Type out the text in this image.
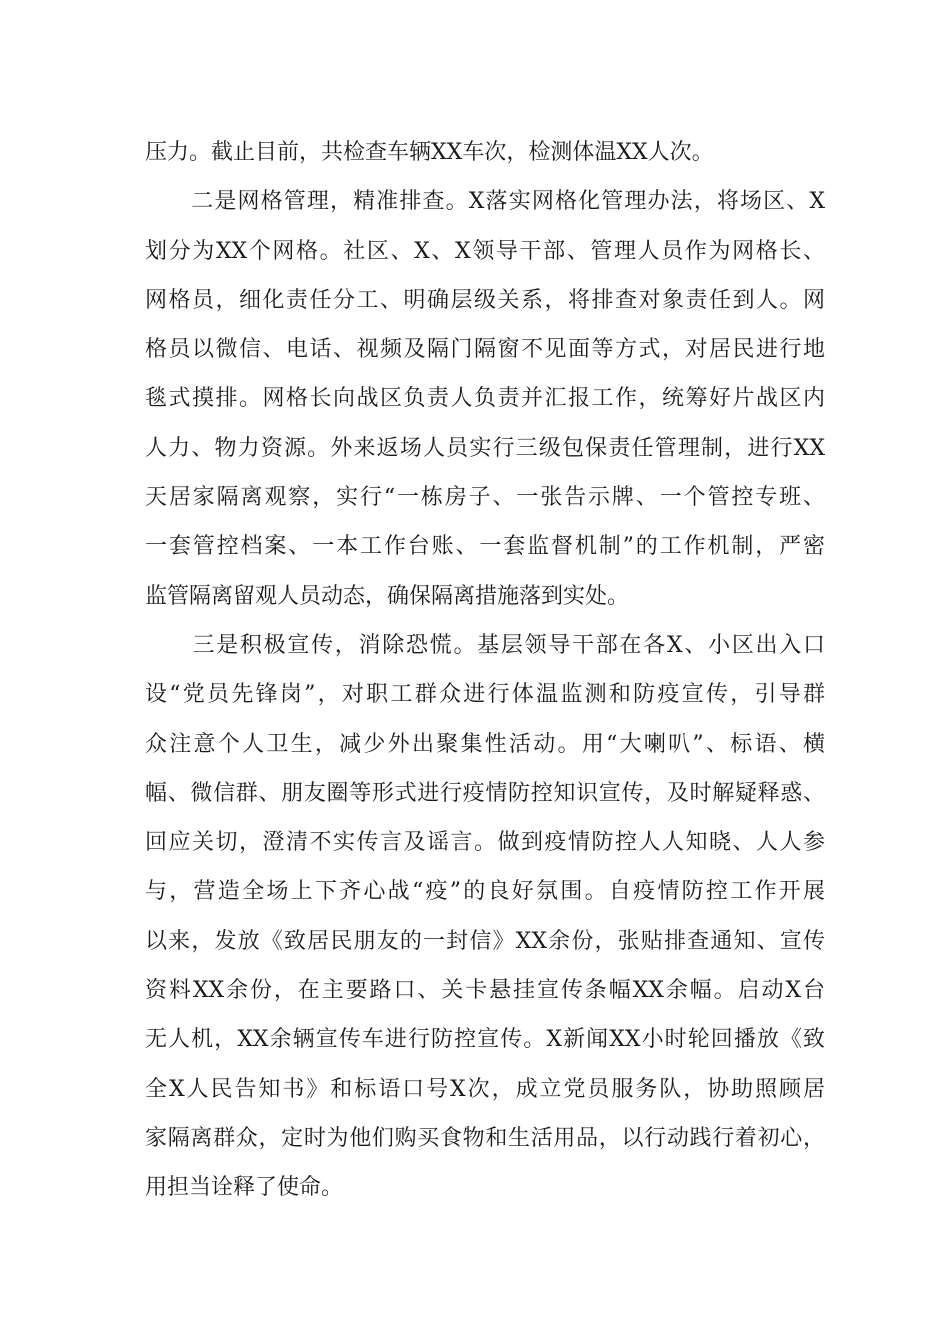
压力。截止目前，共检查车辆XX车次，检测体温XX人次。
　　二是网格管理，精准排查。X落实网格化管理办法，将场区、X
划分为XX个网格。社区、X、X领导干部、管理人员作为网格长、
网格员，细化责任分工、明确层级关系，将排查对象责任到人。网
格员以微信、电话、视频及隔门隔窗不见面等方式，对居民进行地
毯式摸排。网格长向战区负责人负责并汇报工作，统筹好片战区内
人力、物力资源。外来返场人员实行三级包保责任管理制，进行XX
天居家隔离观察，实行“一栋房子、一张告示牌、一个管控专班、
一套管控档案、一本工作台账、一套监督机制”的工作机制，严密
监管隔离留观人员动态，确保隔离措施落到实处。
　　三是积极宣传，消除恐慌。基层领导干部在各X、小区出入口
设“党员先锋岗”，对职工群众进行体温监测和防疫宣传，引导群
众注意个人卫生，减少外出聚集性活动。用“大喇叭”、标语、横
幅、微信群、朋友圈等形式进行疫情防控知识宣传，及时解疑释惑、
回应关切，澄清不实传言及谣言。做到疫情防控人人知晓、人人参
与，营造全场上下齐心战“疫”的良好氛围。自疫情防控工作开展
以来，发放《致居民朋友的一封信》XX余份，张贴排查通知、宣传
资料XX余份，在主要路口、关卡悬挂宣传条幅XX余幅。启动X台
无人机，XX余辆宣传车进行防控宣传。X新闻XX小时轮回播放《致
全X人民告知书》和标语口号X次，成立党员服务队，协助照顾居
家隔离群众，定时为他们购买食物和生活用品，以行动践行着初心，
用担当诠释了使命。
